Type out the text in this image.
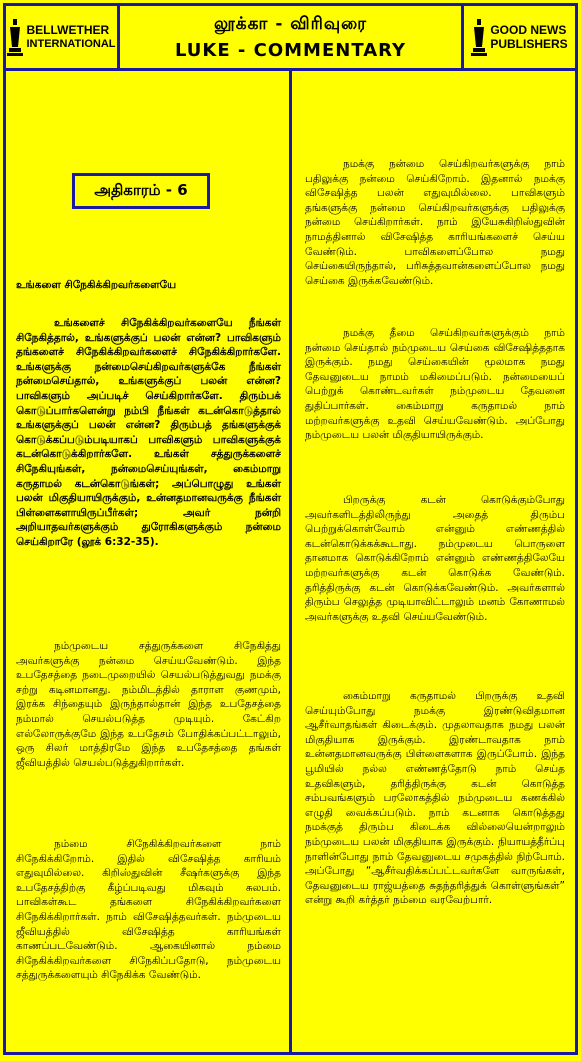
BELLWETHER
INTERNATIONAL
லூக்கா - விரிவுரை
LUKE - COMMENTARY
GOOD NEWS
PUBLISHERS
அதிகாரம் - 6
உங்களை சிநேகிக்கிறவர்களையே

உங்களைச் சிநேகிக்கிறவர்களையே நீங்கள் சிநேகித்தால், உங்களுக்குப் பலன் என்ன? பாவிகளும் தங்களைச் சிநேகிக்கிறவர்களைச் சிநேகிக்கிறார்களே. உங்களுக்கு நன்மைசெய்கிறவர்களுக்கே நீங்கள் நன்மைசெய்தால், உங்களுக்குப் பலன் என்ன? பாவிகளும் அப்படிச் செய்கிறார்களே. திரும்பக் கொடுப்பார்களென்று நம்பி நீங்கள் கடன்கொடுத்தால் உங்களுக்குப் பலன் என்ன? திரும்பத் தங்களுக்குக் கொடுக்கப்படும்படியாகப் பாவிகளும் பாவிகளுக்குக் கடன்கொடுக்கிறார்களே. உங்கள் சத்துருக்களைச் சிநேகியுங்கள், நன்மைசெய்யுங்கள், கைம்மாறு கருதாமல் கடன்கொடுங்கள்; அப்பொழுது உங்கள் பலன் மிகுதியாயிருக்கும், உன்னதமானவருக்கு நீங்கள் பிள்ளைகளாயிருப்பீர்கள்; அவர் நன்றி அறியாதவர்களுக்கும் துரோகிகளுக்கும் நன்மை செய்கிறாரே (லூக் 6:32-35).

நம்முடைய சத்துருக்களை சிநேகித்து அவர்களுக்கு நன்மை செய்யவேண்டும். இந்த உபதேசத்தை நடைமுறையில் செயல்படுத்துவது நமக்கு சற்று கடினமானது. நம்மிடத்தில் தாராள குணமும், இரக்க சிந்தையும் இருந்தால்தான் இந்த உபதேசத்தை நம்மால் செயல்படுத்த முடியும். கேட்கிற எல்லோருக்குமே இந்த உபதேசம் போதிக்கப்பட்டாலும், ஒரு சிலர் மாத்திரமே இந்த உபதேசத்தை தங்கள் ஜீவியத்தில் செயல்படுத்துகிறார்கள்.

நம்மை சிநேகிக்கிறவர்களை நாம் சிநேகிக்கிறோம். இதில் விசேஷித்த காரியம் எதுவுமில்லை. கிறிஸ்துவின் சீஷர்களுக்கு இந்த உபதேசத்திற்கு கீழ்ப்படிவது மிகவும் சுலபம். பாவிகள்கூட தங்களை சிநேகிக்கிறவர்களை சிநேகிக்கிறார்கள். நாம் விசேஷித்தவர்கள். நம்முடைய ஜீவியத்தில் விசேஷித்த காரியங்கள் காணப்படவேண்டும். ஆகையினால் நம்மை சிநேகிக்கிறவர்களை சிநேகிப்பதோடு, நம்முடைய சத்துருக்களையும் சிநேகிக்க வேண்டும்.

நமக்கு நன்மை செய்கிறவர்களுக்கு நாம் பதிலுக்கு நன்மை செய்கிறோம். இதனால் நமக்கு விசேஷித்த பலன் எதுவுமில்லை. பாவிகளும் தங்களுக்கு நன்மை செய்கிறவர்களுக்கு பதிலுக்கு நன்மை செய்கிறார்கள். நாம் இயேசுகிறிஸ்துவின் நாமத்தினால் விசேஷித்த காரியங்களைச் செய்ய வேண்டும். பாவிகளைப்போல நமது செய்கையிருந்தால், பரிசுத்தவான்களைப்போல நமது செய்கை இருக்கவேண்டும்.

நமக்கு தீமை செய்கிறவர்களுக்கும் நாம் நன்மை செய்தால் நம்முடைய செய்கை விசேஷித்ததாக இருக்கும். நமது செய்கையின் மூலமாக நமது தேவனுடைய நாமம் மகிமைப்படும். நன்மையைப் பெற்றுக் கொண்டவர்கள் நம்முடைய தேவனை துதிப்பார்கள். கைம்மாறு கருதாமல் நாம் மற்றவர்களுக்கு உதவி செய்யவேண்டும். அப்போது நம்முடைய பலன் மிகுதியாயிருக்கும்.

பிறருக்கு கடன் கொடுக்கும்போது அவர்களிடத்திலிருந்து அதைத் திரும்ப பெற்றுக்கொள்வோம் என்னும் எண்ணத்தில் கடன்கொடுக்கக்கூடாது. நம்முடைய பொருளை தானமாக கொடுக்கிறோம் என்னும் எண்ணத்திலேயே மற்றவர்களுக்கு கடன் கொடுக்க வேண்டும். தரித்திருக்கு கடன் கொடுக்கவேண்டும். அவர்களால் திரும்ப செலுத்த முடியாவிட்டாலும் மனம் கோணாமல் அவர்களுக்கு உதவி செய்யவேண்டும்.

கைம்மாறு கருதாமல் பிறருக்கு உதவி செய்யும்போது நமக்கு இரண்டுவிதமான ஆசீர்வாதங்கள் கிடைக்கும். முதலாவதாக நமது பலன் மிகுதியாக இருக்கும். இரண்டாவதாக நாம் உன்னதமானவருக்கு பிள்ளைகளாக இருப்போம். இந்த பூமியில் நல்ல எண்ணத்தோடு நாம் செய்த உதவிகளும், தரித்திருக்கு கடன் கொடுத்த சம்பவங்களும் பரலோகத்தில் நம்முடைய கணக்கில் எழுதி வைக்கப்படும். நாம் கடனாக கொடுத்தது நமக்குத் திரும்ப கிடைக்க வில்லையென்றாலும் நம்முடைய பலன் மிகுதியாக இருக்கும். நியாயத்தீர்ப்பு நாளின்போது நாம் தேவனுடைய சமுகத்தில் நிற்போம். அப்போது “ஆசீர்வதிக்கப்பட்டவர்களே வாருங்கள், தேவனுடைய ராஜ்யத்தை சுதந்தரித்துக் கொள்ளுங்கள்” என்று கூறி கர்த்தர் நம்மை வரவேற்பார்.
